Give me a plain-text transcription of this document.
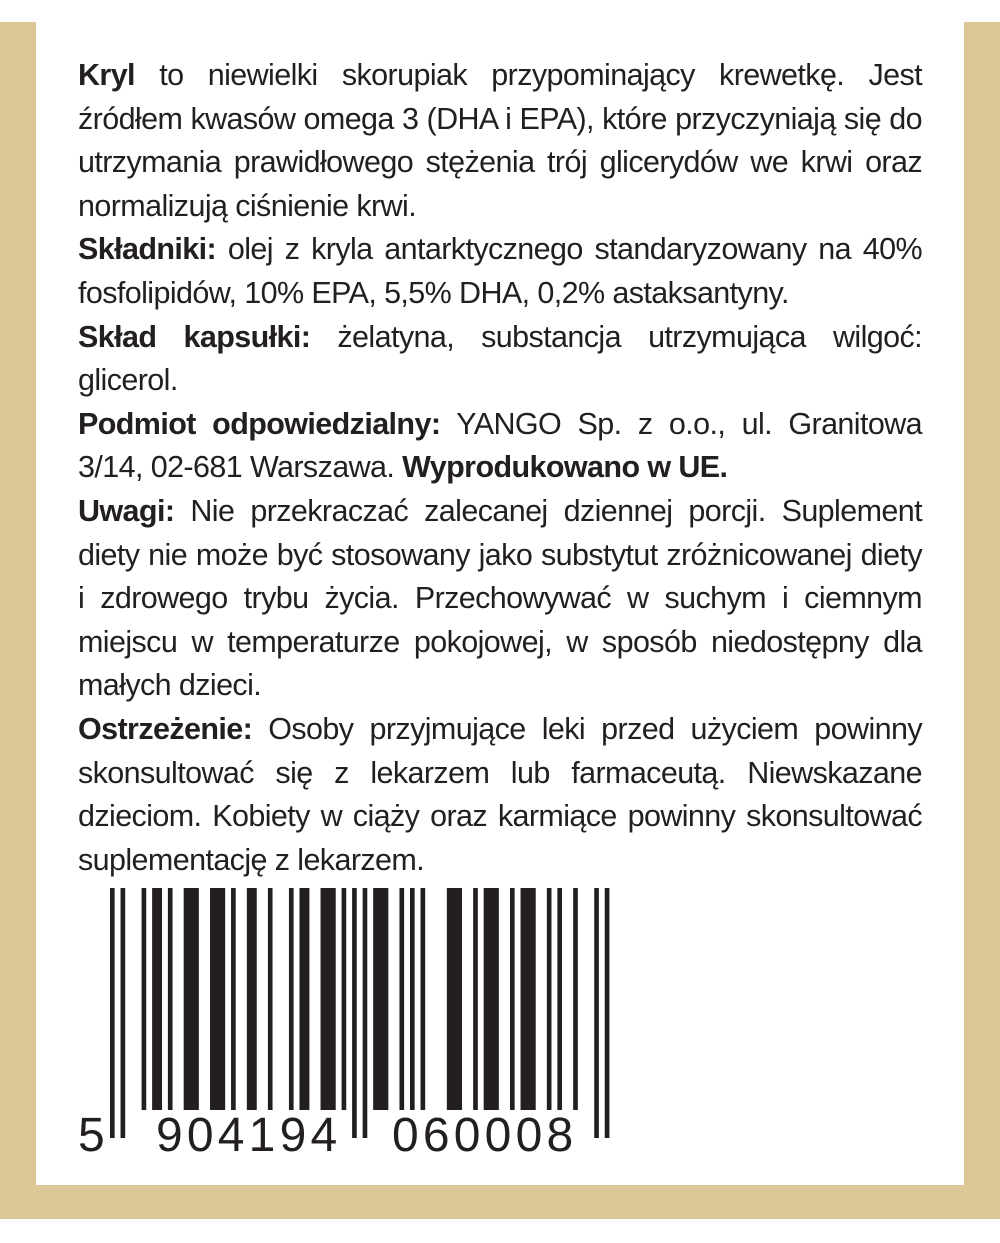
Kryl to niewielki skorupiak przypominający krewetkę. Jest źródłem kwasów omega 3 (DHA i EPA), które przyczyniają się do utrzymania prawidłowego stężenia trój glicerydów we krwi oraz normalizują ciśnienie krwi.

Składniki: olej z kryla antarktycznego standaryzowany na 40% fosfolipidów, 10% EPA, 5,5% DHA, 0,2% astaksantyny.

Skład kapsułki: żelatyna, substancja utrzymująca wilgoć: glicerol.

Podmiot odpowiedzialny: YANGO Sp. z o.o., ul. Granitowa 3/14, 02-681 Warszawa. Wyprodukowano w UE.

Uwagi: Nie przekraczać zalecanej dziennej porcji. Suplement diety nie może być stosowany jako substytut zróżnicowanej diety i zdrowego trybu życia. Przechowywać w suchym i ciemnym miejscu w temperaturze pokojowej, w sposób niedostępny dla małych dzieci.

Ostrzeżenie: Osoby przyjmujące leki przed użyciem powinny skonsultować się z lekarzem lub farmaceutą. Niewskazane dzieciom. Kobiety w ciąży oraz karmiące powinny skonsultować suplementację z lekarzem.

5 904194 060008
